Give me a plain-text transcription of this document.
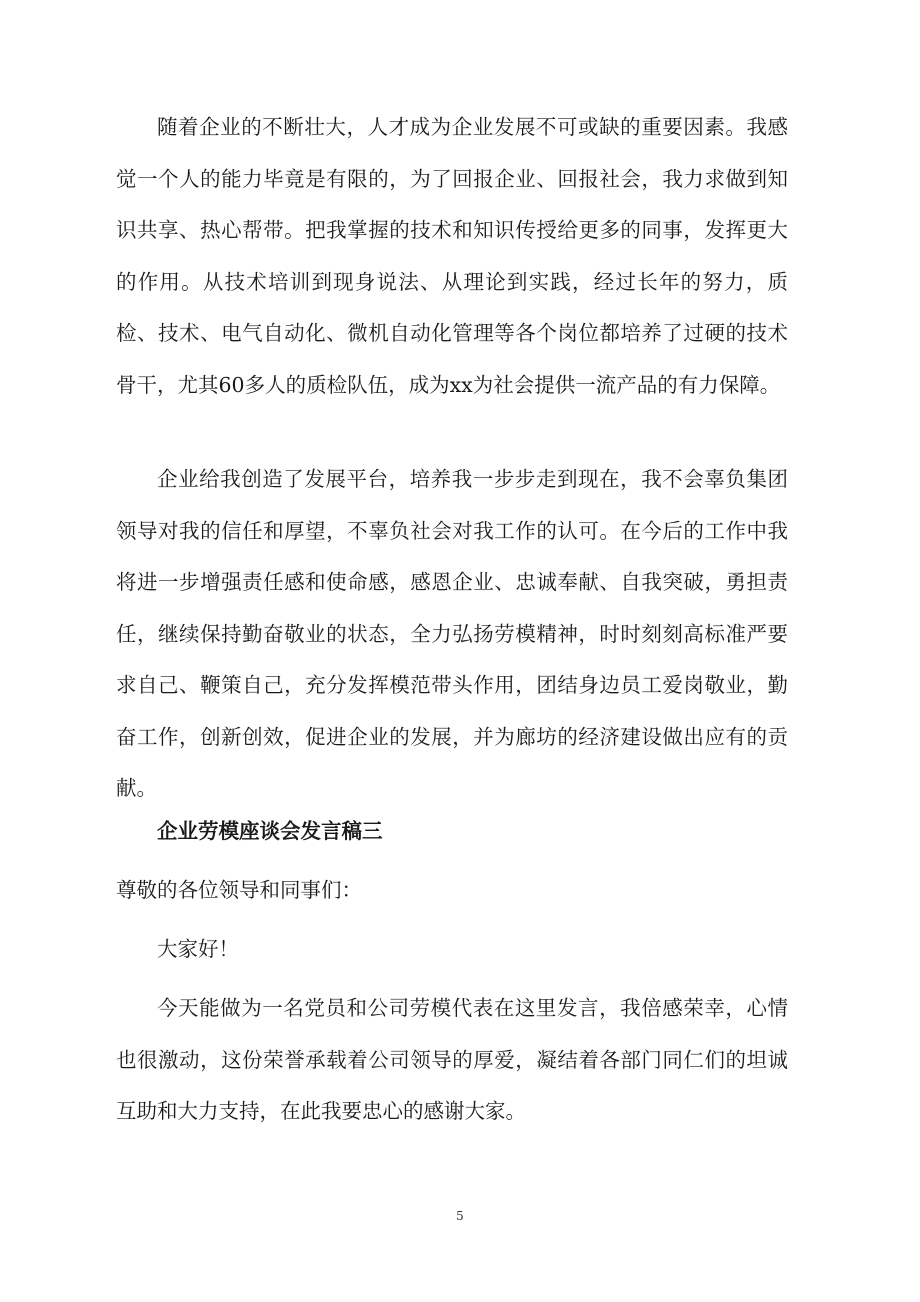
随着企业的不断壮大，人才成为企业发展不可或缺的重要因素。我感觉一个人的能力毕竟是有限的，为了回报企业、回报社会，我力求做到知识共享、热心帮带。把我掌握的技术和知识传授给更多的同事，发挥更大的作用。从技术培训到现身说法、从理论到实践，经过长年的努力，质检、技术、电气自动化、微机自动化管理等各个岗位都培养了过硬的技术骨干，尤其60多人的质检队伍，成为xx为社会提供一流产品的有力保障。

企业给我创造了发展平台，培养我一步步走到现在，我不会辜负集团领导对我的信任和厚望，不辜负社会对我工作的认可。在今后的工作中我将进一步增强责任感和使命感，感恩企业、忠诚奉献、自我突破，勇担责任，继续保持勤奋敬业的状态，全力弘扬劳模精神，时时刻刻高标准严要求自己、鞭策自己，充分发挥模范带头作用，团结身边员工爱岗敬业，勤奋工作，创新创效，促进企业的发展，并为廊坊的经济建设做出应有的贡献。

企业劳模座谈会发言稿三

尊敬的各位领导和同事们：

大家好！

今天能做为一名党员和公司劳模代表在这里发言，我倍感荣幸，心情也很激动，这份荣誉承载着公司领导的厚爱，凝结着各部门同仁们的坦诚互助和大力支持，在此我要忠心的感谢大家。

5
